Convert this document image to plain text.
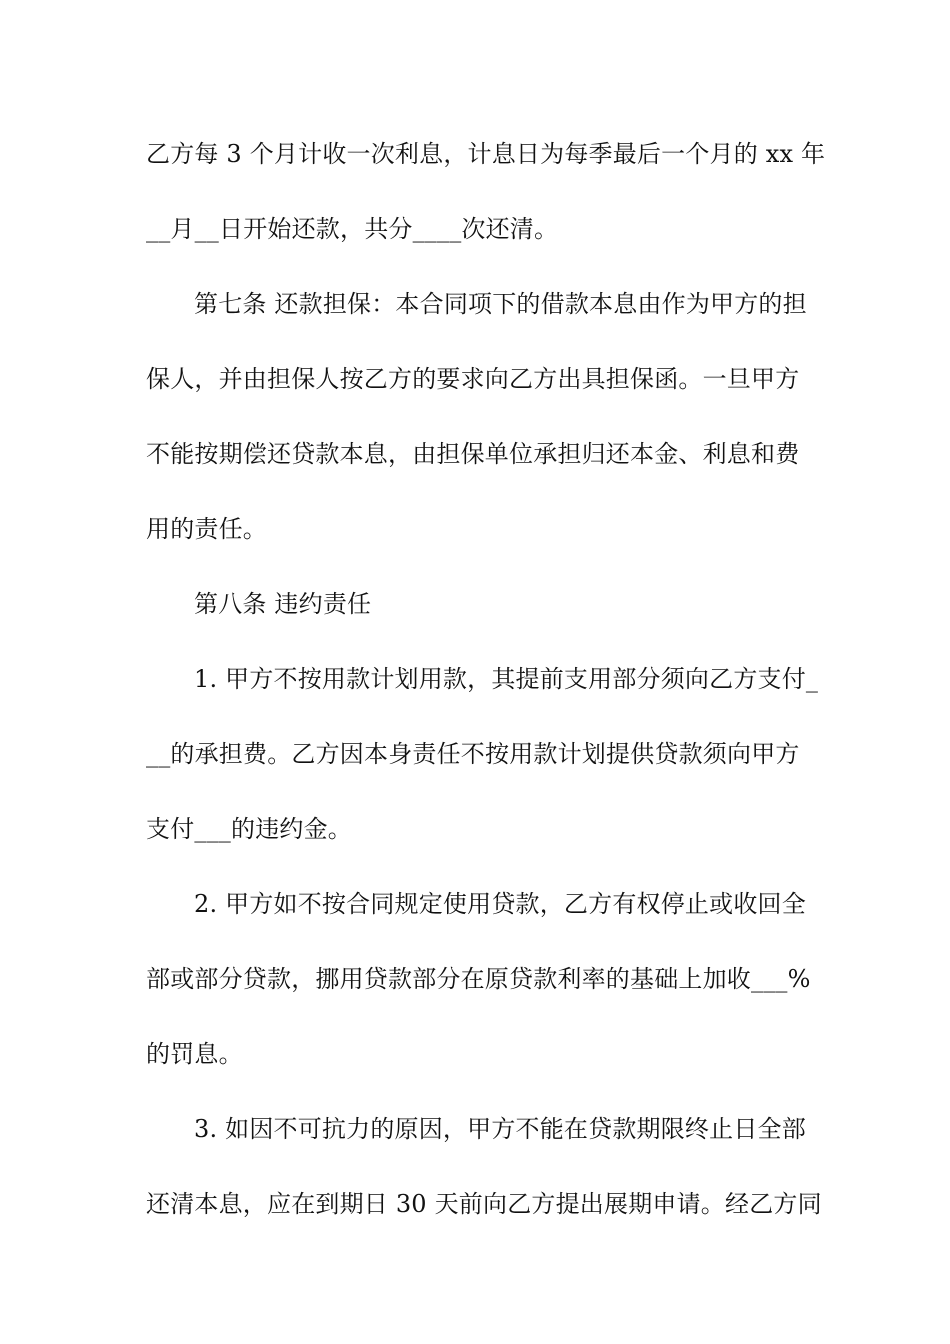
乙方每 3 个月计收一次利息，计息日为每季最后一个月的 xx 年
__月__日开始还款，共分____次还清。
第七条 还款担保：本合同项下的借款本息由作为甲方的担
保人，并由担保人按乙方的要求向乙方出具担保函。一旦甲方
不能按期偿还贷款本息，由担保单位承担归还本金、利息和费
用的责任。
第八条 违约责任
1. 甲方不按用款计划用款，其提前支用部分须向乙方支付_
__的承担费。乙方因本身责任不按用款计划提供贷款须向甲方
支付___的违约金。
2. 甲方如不按合同规定使用贷款，乙方有权停止或收回全
部或部分贷款，挪用贷款部分在原贷款利率的基础上加收___%
的罚息。
3. 如因不可抗力的原因，甲方不能在贷款期限终止日全部
还清本息，应在到期日 30 天前向乙方提出展期申请。经乙方同
